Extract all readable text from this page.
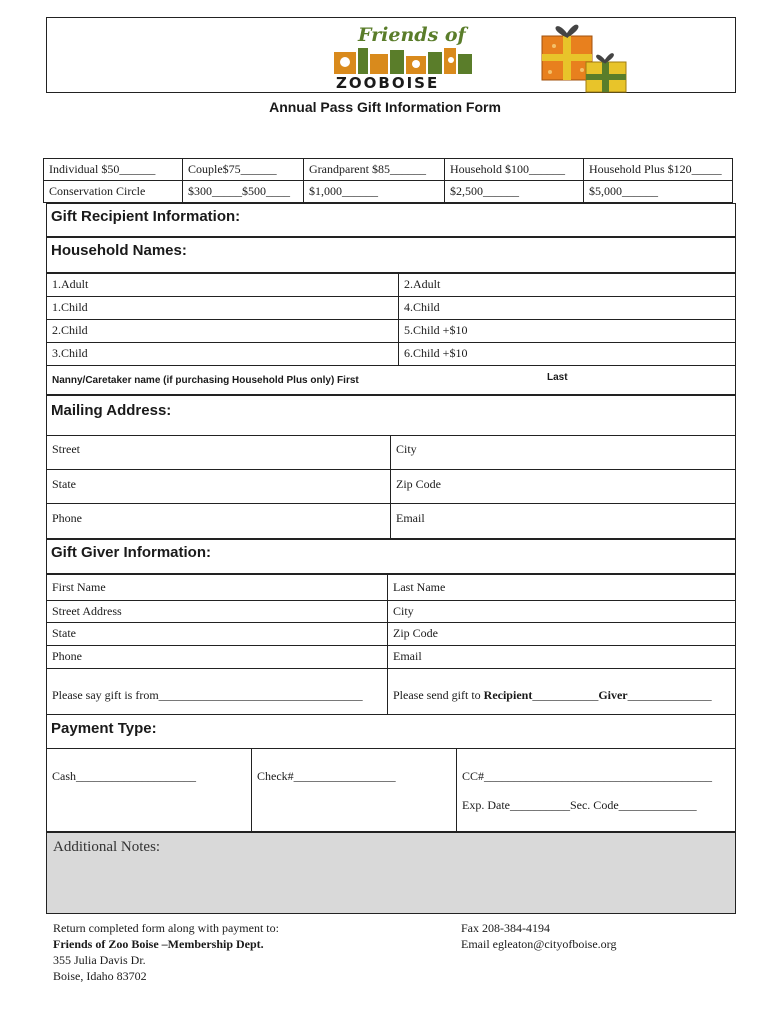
Friends of
ZOOBOISE
Annual Pass Gift Information Form
Individual $50______	Couple$75______	Grandparent $85______	Household $100______	Household Plus $120_____
Conservation Circle	$300_____$500____	$1,000______	$2,500______	$5,000______
Gift Recipient Information:
Household Names:
1.Adult	2.Adult
1.Child	4.Child
2.Child	5.Child +$10
3.Child	6.Child +$10
Nanny/Caretaker name (if purchasing Household Plus only) First	Last
Mailing Address:
Street	City
State	Zip Code
Phone	Email
Gift Giver Information:
First Name	Last Name
Street Address	City
State	Zip Code
Phone	Email
Please say gift is from__________________________________	Please send gift to Recipient___________Giver______________
Payment Type:
Cash____________________	Check#_________________	CC#______________________________________
Exp. Date__________Sec. Code_____________
Additional Notes:
Return completed form along with payment to:
Friends of Zoo Boise –Membership Dept.
355 Julia Davis Dr.
Boise, Idaho 83702
Fax 208-384-4194
Email egleaton@cityofboise.org
